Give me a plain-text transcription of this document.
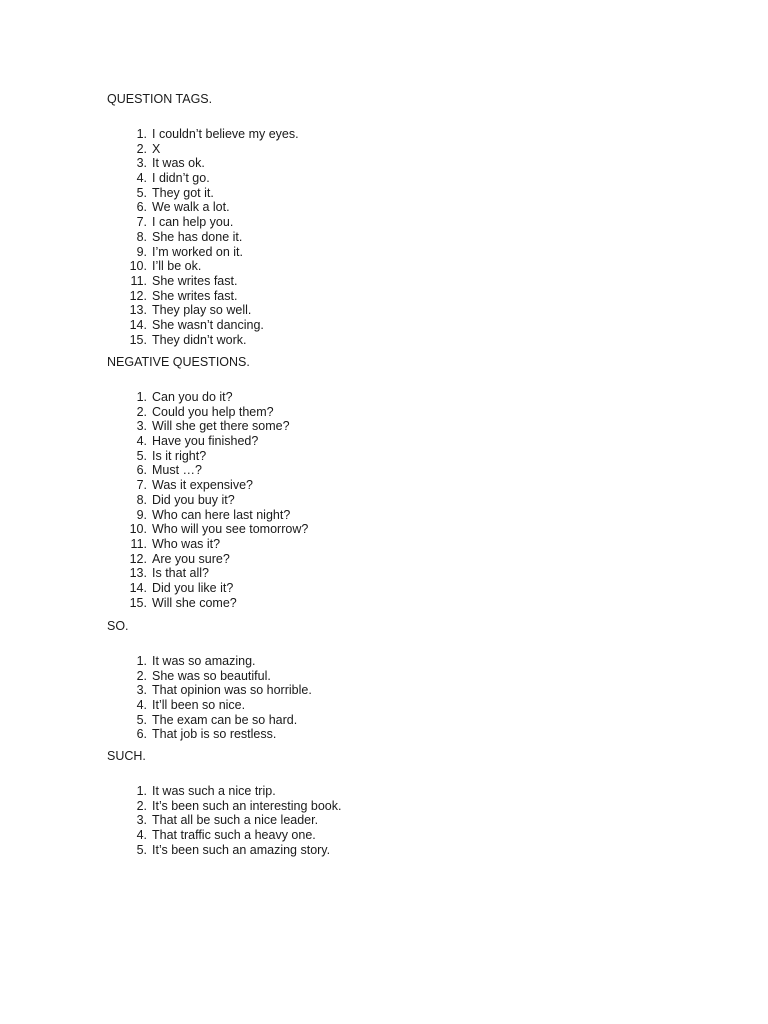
QUESTION TAGS.
1. I couldn’t believe my eyes.
2. X
3. It was ok.
4. I didn’t go.
5. They got it.
6. We walk a lot.
7. I can help you.
8. She has done it.
9. I’m worked on it.
10. I’ll be ok.
11. She writes fast.
12. She writes fast.
13. They play so well.
14. She wasn’t dancing.
15. They didn’t work.
NEGATIVE QUESTIONS.
1. Can you do it?
2. Could you help them?
3. Will she get there some?
4. Have you finished?
5. Is it right?
6. Must …?
7. Was it expensive?
8. Did you buy it?
9. Who can here last night?
10. Who will you see tomorrow?
11. Who was it?
12. Are you sure?
13. Is that all?
14. Did you like it?
15. Will she come?
SO.
1. It was so amazing.
2. She was so beautiful.
3. That opinion was so horrible.
4. It’ll been so nice.
5. The exam can be so hard.
6. That job is so restless.
SUCH.
1. It was such a nice trip.
2. It’s been such an interesting book.
3. That all be such a nice leader.
4. That traffic such a heavy one.
5. It’s been such an amazing story.
